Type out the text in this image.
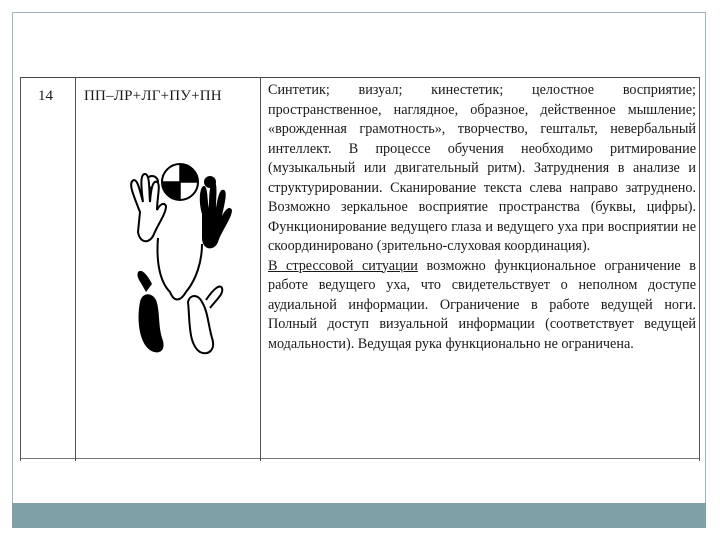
14 ПП–ЛР+ЛГ+ПУ+ПН	Синтетик; визуал; кинестетик; целостное восприятие; пространственное, наглядное, образное, действенное мышление; «врожденная грамотность», творчество, гештальт, невербальный интеллект. В процессе обучения необходимо ритмирование (музыкальный или двигательный ритм). Затруднения в анализе и структурировании. Сканирование текста слева направо затруднено. Возможно зеркальное восприятие пространства (буквы, цифры). Функционирование ведущего глаза и ведущего уха при восприятии не скоординировано (зрительно-слуховая координация).

В стрессовой ситуации возможно функциональное ограничение в работе ведущего уха, что свидетельствует о неполном доступе аудиальной информации. Ограничение в работе ведущей ноги. Полный доступ визуальной информации (соответствует ведущей модальности). Ведущая рука функционально не ограничена.
